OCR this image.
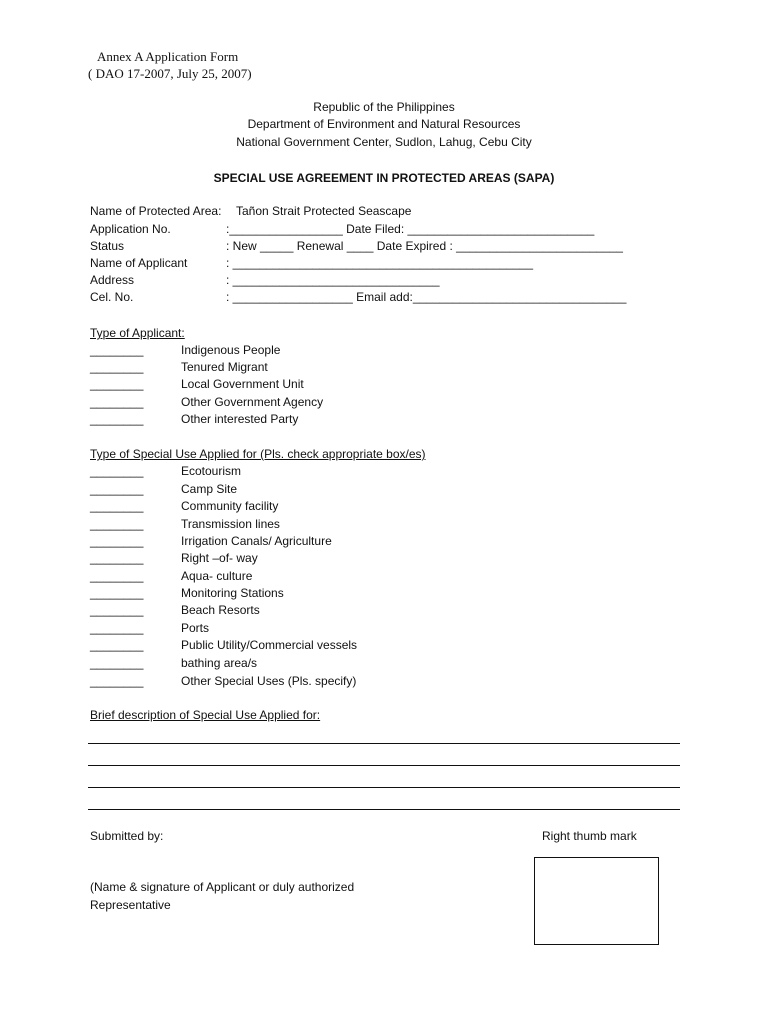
Annex A Application Form
( DAO 17-2007, July 25, 2007)
Republic of the Philippines
Department of Environment and Natural Resources
National Government Center, Sudlon, Lahug, Cebu City
SPECIAL USE AGREEMENT IN PROTECTED AREAS (SAPA)
Name of Protected Area: Tañon Strait Protected Seascape
Application No.	:_________________ Date Filed: ____________________________
Status	: New _____ Renewal ____ Date Expired : _________________________
Name of Applicant	: _____________________________________________
Address	: _______________________________
Cel. No.	: __________________ Email add:________________________________
Type of Applicant:
________	Indigenous People
________	Tenured Migrant
________	Local Government Unit
________	Other Government Agency
________	Other interested Party
Type of Special Use Applied for (Pls. check appropriate box/es)
________	Ecotourism
________	Camp Site
________	Community facility
________	Transmission lines
________	Irrigation Canals/ Agriculture
________	Right –of- way
________	Aqua- culture
________	Monitoring Stations
________	Beach Resorts
________	Ports
________	Public Utility/Commercial vessels
________	bathing area/s
________	Other Special Uses (Pls. specify)
Brief description of Special Use Applied for:
Submitted by:	Right thumb mark
(Name & signature of Applicant or duly authorized
Representative
